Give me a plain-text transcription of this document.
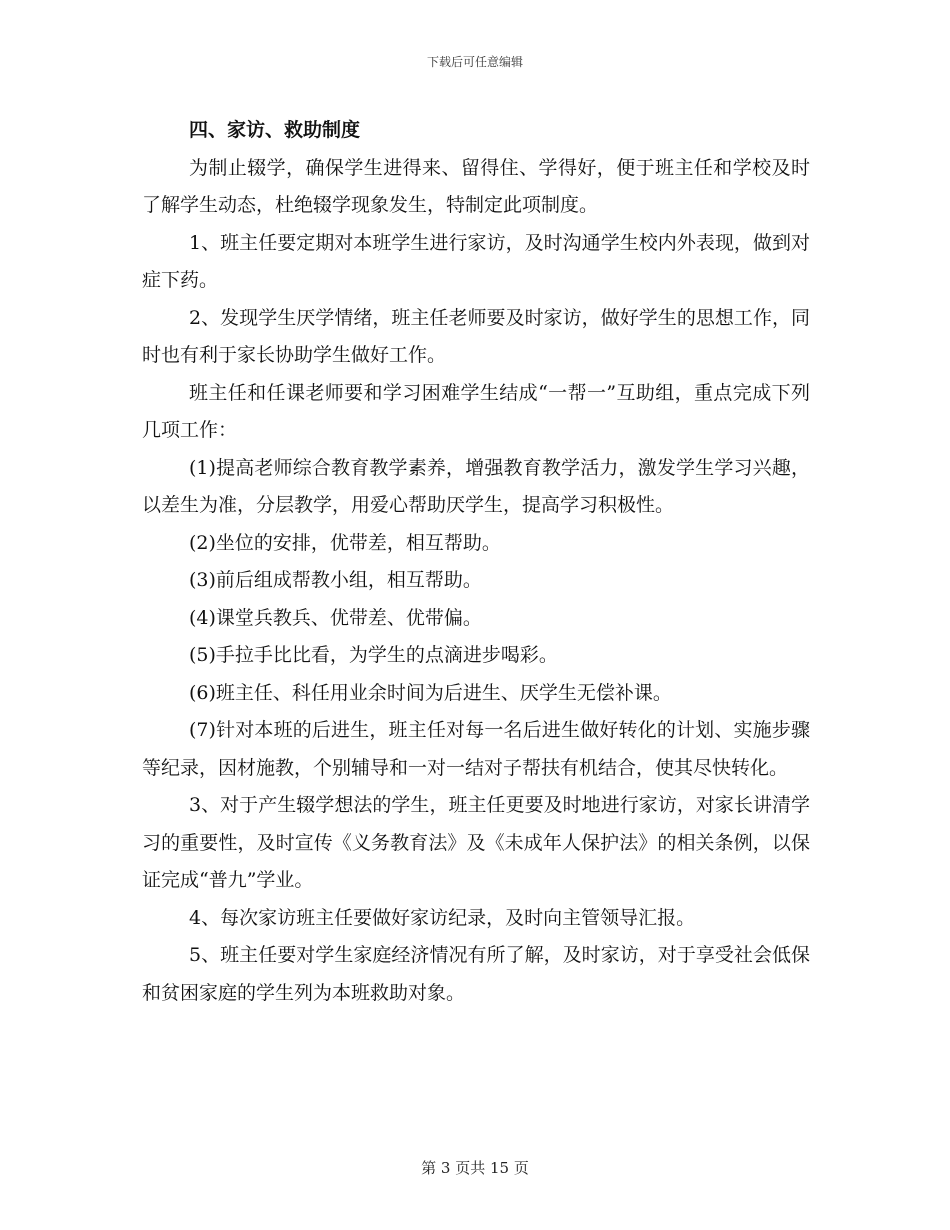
下载后可任意编辑
四、家访、救助制度

为制止辍学，确保学生进得来、留得住、学得好，便于班主任和学校及时了解学生动态，杜绝辍学现象发生，特制定此项制度。

1、班主任要定期对本班学生进行家访，及时沟通学生校内外表现，做到对症下药。

2、发现学生厌学情绪，班主任老师要及时家访，做好学生的思想工作，同时也有利于家长协助学生做好工作。

班主任和任课老师要和学习困难学生结成“一帮一”互助组，重点完成下列几项工作：

(1)提高老师综合教育教学素养，增强教育教学活力，激发学生学习兴趣，以差生为准，分层教学，用爱心帮助厌学生，提高学习积极性。

(2)坐位的安排，优带差，相互帮助。

(3)前后组成帮教小组，相互帮助。

(4)课堂兵教兵、优带差、优带偏。

(5)手拉手比比看，为学生的点滴进步喝彩。

(6)班主任、科任用业余时间为后进生、厌学生无偿补课。

(7)针对本班的后进生，班主任对每一名后进生做好转化的计划、实施步骤等纪录，因材施教，个别辅导和一对一结对子帮扶有机结合，使其尽快转化。

3、对于产生辍学想法的学生，班主任更要及时地进行家访，对家长讲清学习的重要性，及时宣传《义务教育法》及《未成年人保护法》的相关条例，以保证完成“普九”学业。

4、每次家访班主任要做好家访纪录，及时向主管领导汇报。

5、班主任要对学生家庭经济情况有所了解，及时家访，对于享受社会低保和贫困家庭的学生列为本班救助对象。

第 3 页共 15 页
